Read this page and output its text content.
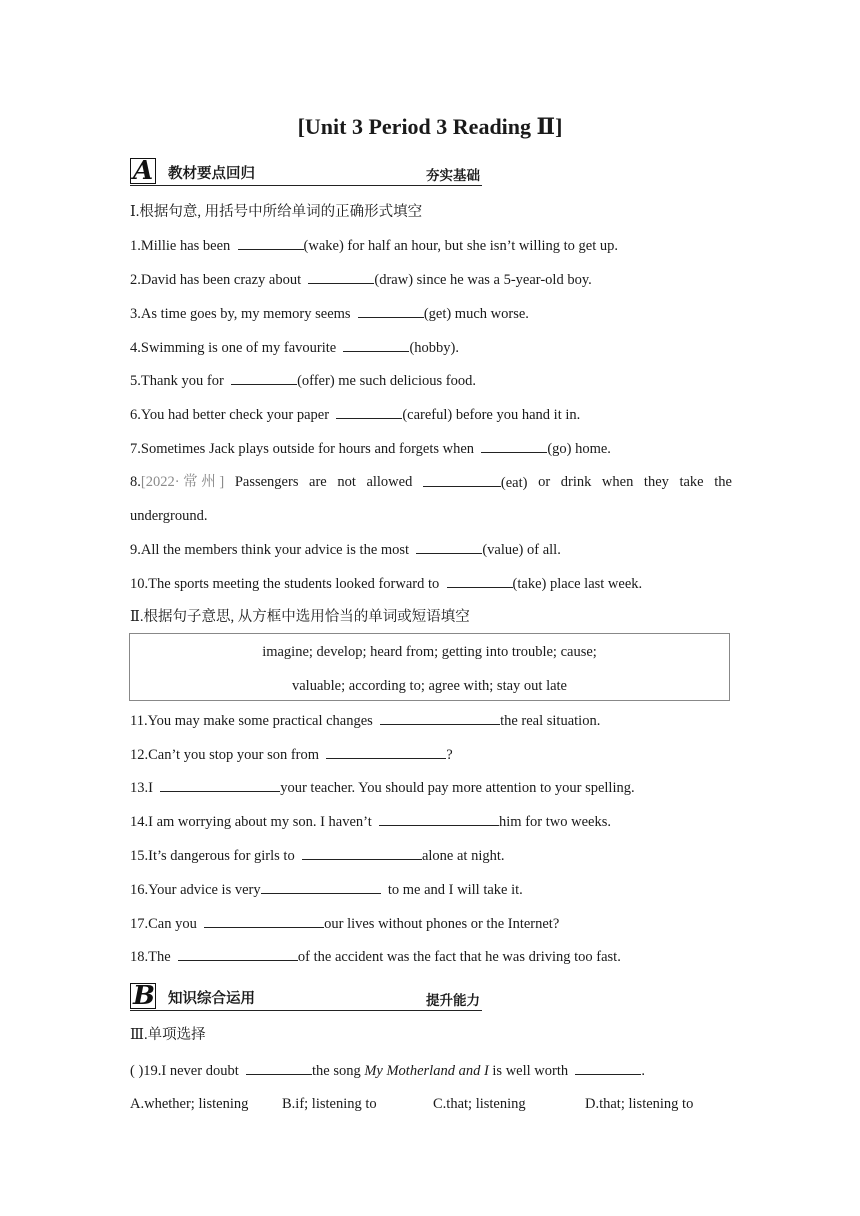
[Unit 3 Period 3 Reading Ⅱ]
A 教材要点回归	夯实基础
Ⅰ.根据句意, 用括号中所给单词的正确形式填空
1.Millie has been	(wake) for half an hour, but she isn’t willing to get up.
2.David has been crazy about	(draw) since he was a 5-year-old boy.
3.As time goes by, my memory seems	(get) much worse.
4.Swimming is one of my favourite	(hobby).
5.Thank you for	(offer) me such delicious food.
6.You had better check your paper	(careful) before you hand it in.
7.Sometimes Jack plays outside for hours and forgets when	(go) home.
8.[2022· 常 州 ] Passengers are not allowed	(eat) or drink when they take the
underground.
9.All the members think your advice is the most	(value) of all.
10.The sports meeting the students looked forward to	(take) place last week.
Ⅱ.根据句子意思, 从方框中选用恰当的单词或短语填空
imagine; develop; heard from; getting into trouble; cause;
valuable; according to; agree with; stay out late
11.You may make some practical changes	the real situation.
12.Can’t you stop your son from	?
13.I	your teacher. You should pay more attention to your spelling.
14.I am worrying about my son. I haven’t	him for two weeks.
15.It’s dangerous for girls to	alone at night.
16.Your advice is very	to me and I will take it.
17.Can you	our lives without phones or the Internet?
18.The	of the accident was the fact that he was driving too fast.
B 知识综合运用	提升能力
Ⅲ.单项选择
( )19.I never doubt	the song My Motherland and I is well worth	.
A.whether; listening B.if; listening to	C.that; listening	D.that; listening to
